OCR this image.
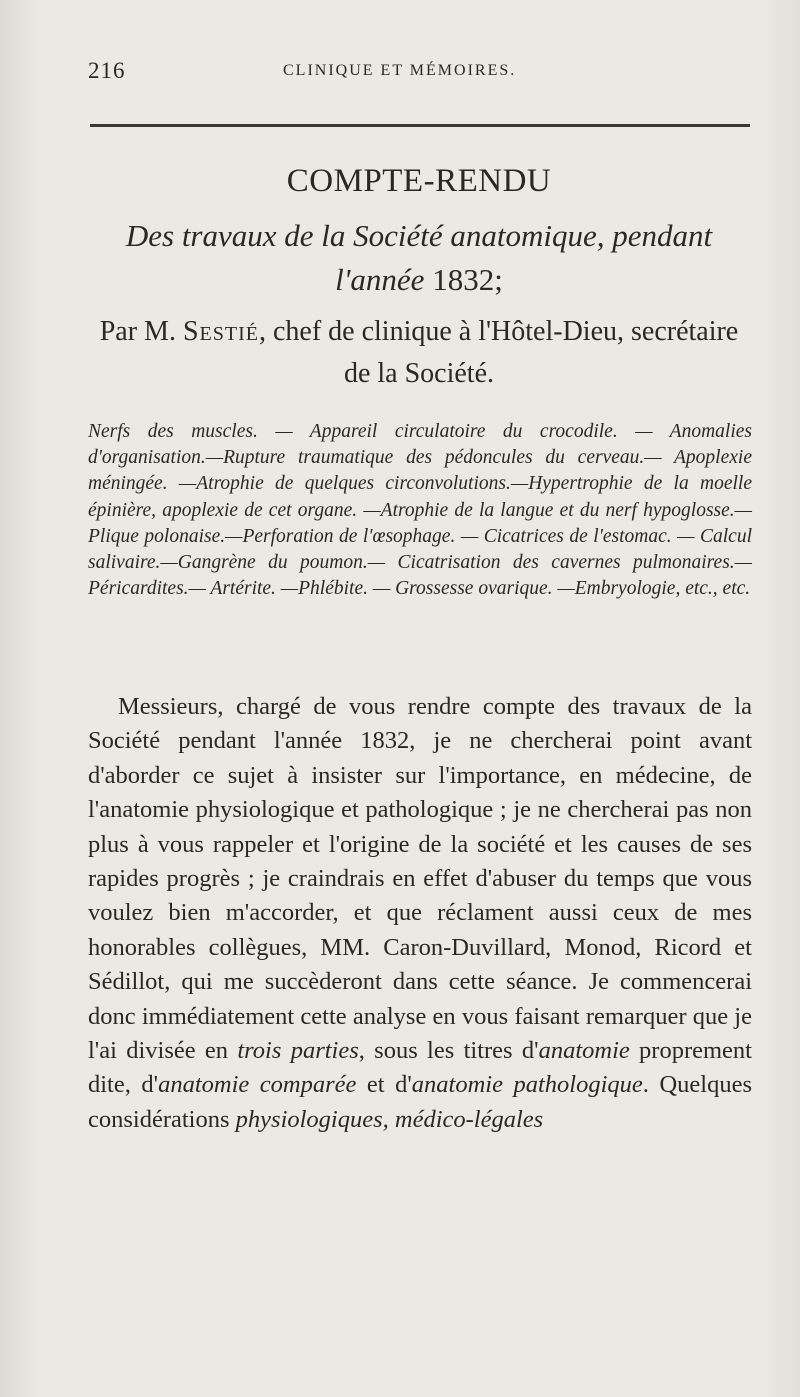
216	CLINIQUE ET MÉMOIRES.
COMPTE-RENDU
Des travaux de la Société anatomique, pendant
l'année 1832;
Par M. Sestié, chef de clinique à l'Hôtel-Dieu, secrétaire de la Société.
Nerfs des muscles. — Appareil circulatoire du crocodile. — Anomalies d'organisation.—Rupture traumatique des pédoncules du cerveau.— Apoplexie méningée. —Atrophie de quelques circonvolutions.—Hypertrophie de la moelle épinière, apoplexie de cet organe. —Atrophie de la langue et du nerf hypoglosse.— Plique polonaise.—Perforation de l'œsophage. — Cicatrices de l'estomac. — Calcul salivaire.—Gangrène du poumon.— Cicatrisation des cavernes pulmonaires.—Péricardites.— Artérite. —Phlébite. — Grossesse ovarique. —Embryologie, etc., etc.
Messieurs, chargé de vous rendre compte des travaux de la Société pendant l'année 1832, je ne chercherai point avant d'aborder ce sujet à insister sur l'importance, en médecine, de l'anatomie physiologique et pathologique ; je ne chercherai pas non plus à vous rappeler et l'origine de la société et les causes de ses rapides progrès ; je craindrais en effet d'abuser du temps que vous voulez bien m'accorder, et que réclament aussi ceux de mes honorables collègues, MM. Caron-Duvillard, Monod, Ricord et Sédillot, qui me succèderont dans cette séance. Je commencerai donc immédiatement cette analyse en vous faisant remarquer que je l'ai divisée en trois parties, sous les titres d'anatomie proprement dite, d'anatomie comparée et d'anatomie pathologique. Quelques considérations physiologiques, médico-légales
